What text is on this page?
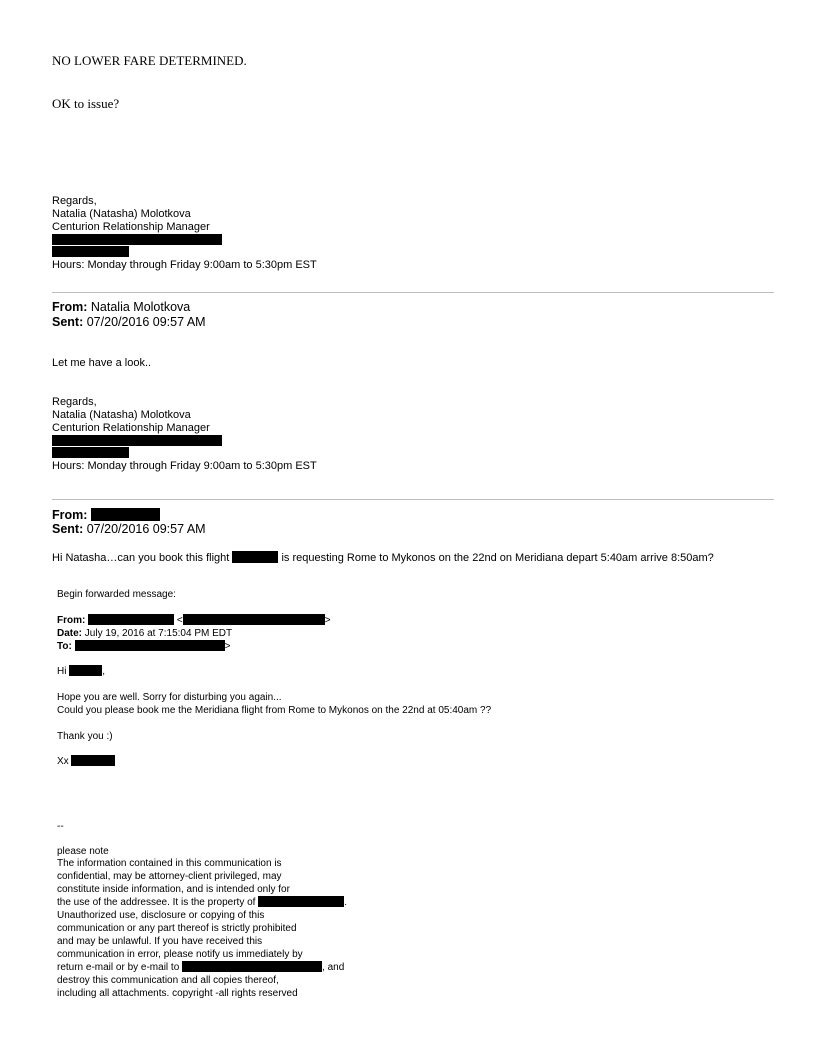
NO LOWER FARE DETERMINED.
OK to issue?
Regards,
Natalia (Natasha) Molotkova
Centurion Relationship Manager
Hours: Monday through Friday 9:00am to 5:30pm EST
From: Natalia Molotkova
Sent: 07/20/2016 09:57 AM
Let me have a look..
Regards,
Natalia (Natasha) Molotkova
Centurion Relationship Manager
Hours: Monday through Friday 9:00am to 5:30pm EST
From:
Sent: 07/20/2016 09:57 AM
Hi Natasha…can you book this flight	is requesting Rome to Mykonos on the 22nd on Meridiana depart 5:40am arrive 8:50am?
Begin forwarded message:
From:	<	>
Date: July 19, 2016 at 7:15:04 PM EDT
To:	>
Hi	,
Hope you are well. Sorry for disturbing you again...
Could you please book me the Meridiana flight from Rome to Mykonos on the 22nd at 05:40am ??
Thank you :)
Xx
--
please note
The information contained in this communication is
confidential, may be attorney-client privileged, may
constitute inside information, and is intended only for
the use of the addressee. It is the property of	.
Unauthorized use, disclosure or copying of this
communication or any part thereof is strictly prohibited
and may be unlawful. If you have received this
communication in error, please notify us immediately by
return e-mail or by e-mail to	, and
destroy this communication and all copies thereof,
including all attachments. copyright -all rights reserved
